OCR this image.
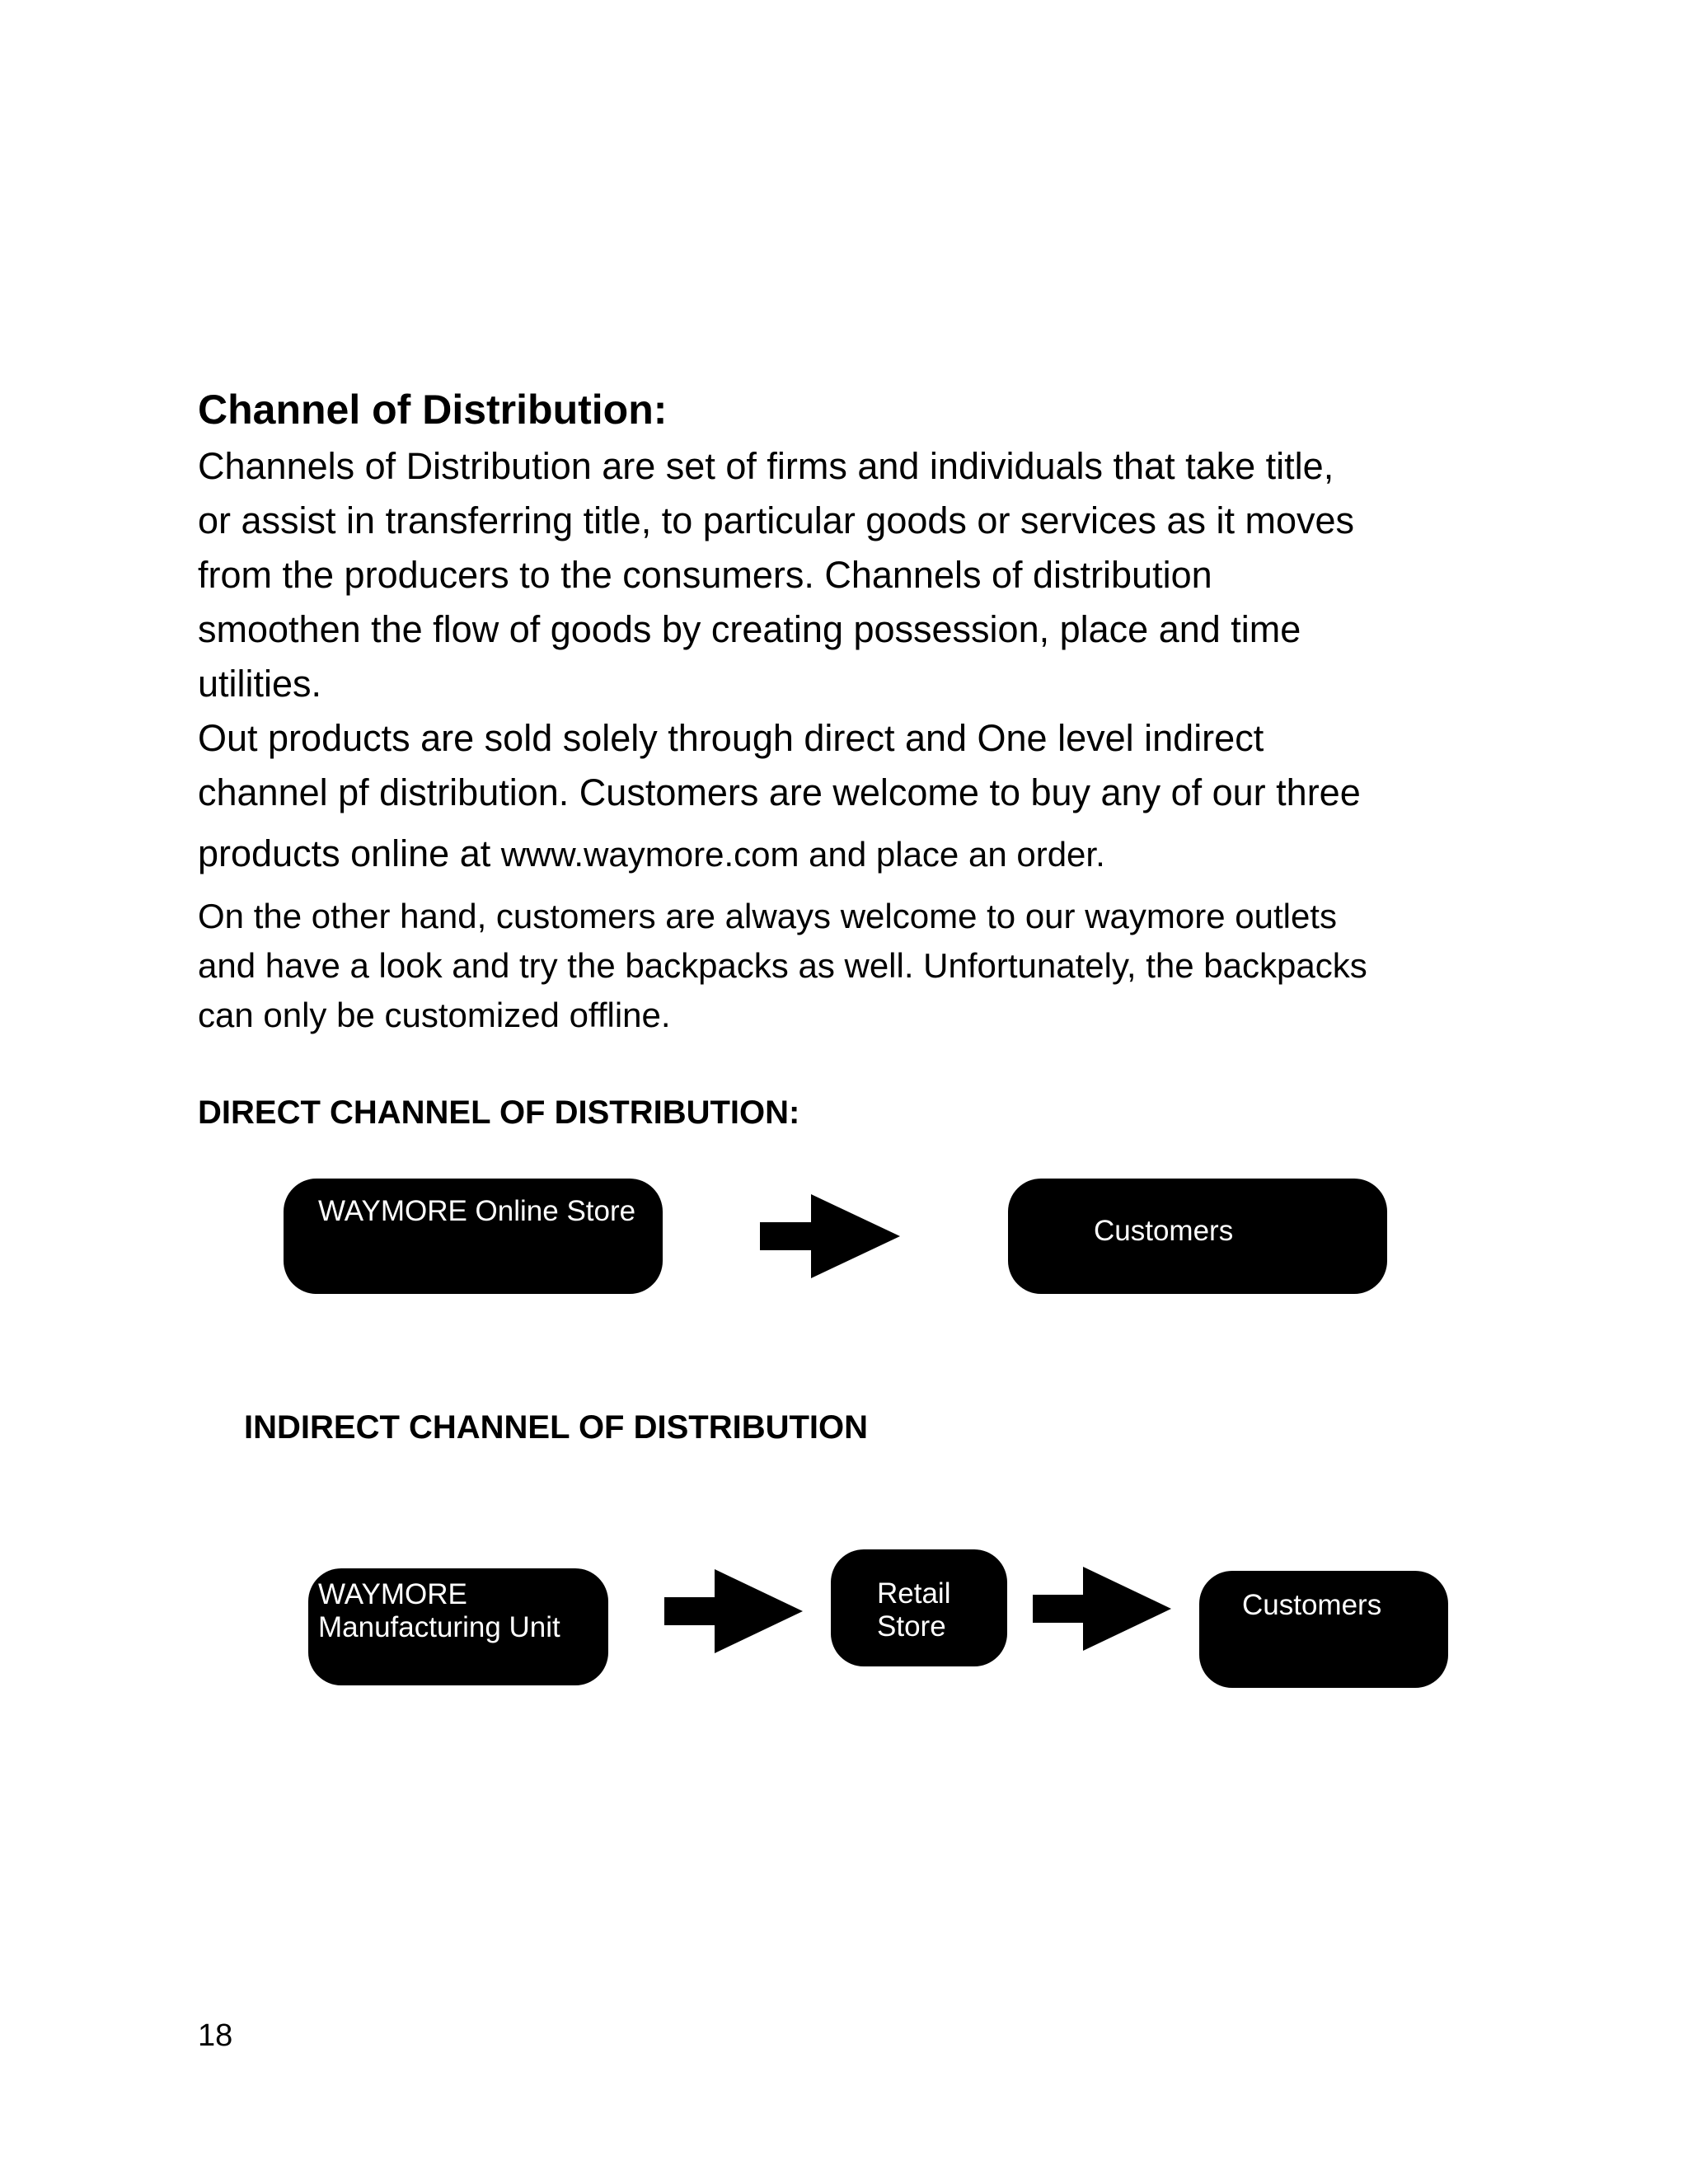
Channel of Distribution:
Channels of Distribution are set of firms and individuals that take title,
or assist in transferring title, to particular goods or services as it moves
from the producers to the consumers. Channels of distribution
smoothen the flow of goods by creating possession, place and time
utilities.
Out products are sold solely through direct and One level indirect
channel pf distribution. Customers are welcome to buy any of our three
products online at www.waymore.com and place an order.
On the other hand, customers are always welcome to our waymore outlets
and have a look and try the backpacks as well. Unfortunately, the backpacks
can only be customized offline.
DIRECT CHANNEL OF DISTRIBUTION:
WAYMORE Online Store
Customers
INDIRECT CHANNEL OF DISTRIBUTION
WAYMORE
Manufacturing Unit
Retail
Store
Customers
18
